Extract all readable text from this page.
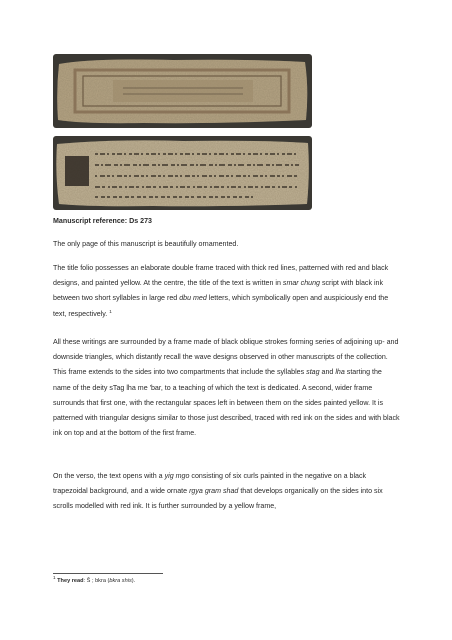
Manuscript reference: Ds 273

The only page of this manuscript is beautifully ornamented.

The title folio possesses an elaborate double frame traced with thick red lines, patterned with red and black designs, and painted yellow. At the centre, the title of the text is written in smar chung script with black ink between two short syllables in large red dbu med letters, which symbolically open and auspiciously end the text, respectively. $^1$

All these writings are surrounded by a frame made of black oblique strokes forming series of adjoining up- and downside triangles, which distantly recall the wave designs observed in other manuscripts of the collection. This frame extends to the sides into two compartments that include the syllables stag and lha starting the name of the deity sTag lha me 'bar, to a teaching of which the text is dedicated. A second, wider frame surrounds that first one, with the rectangular spaces left in between them on the sides painted yellow. It is patterned with triangular designs similar to those just described, traced with red ink on the sides and with black ink on top and at the bottom of the first frame.

On the verso, the text opens with a yig mgo consisting of six curls painted in the negative on a black trapezoidal background, and a wide ornate rgya gram shad that develops organically on the sides into six scrolls modelled with red ink. It is further surrounded by a yellow frame,

$^1$ They read: Š ; bkra (bkra shis).
